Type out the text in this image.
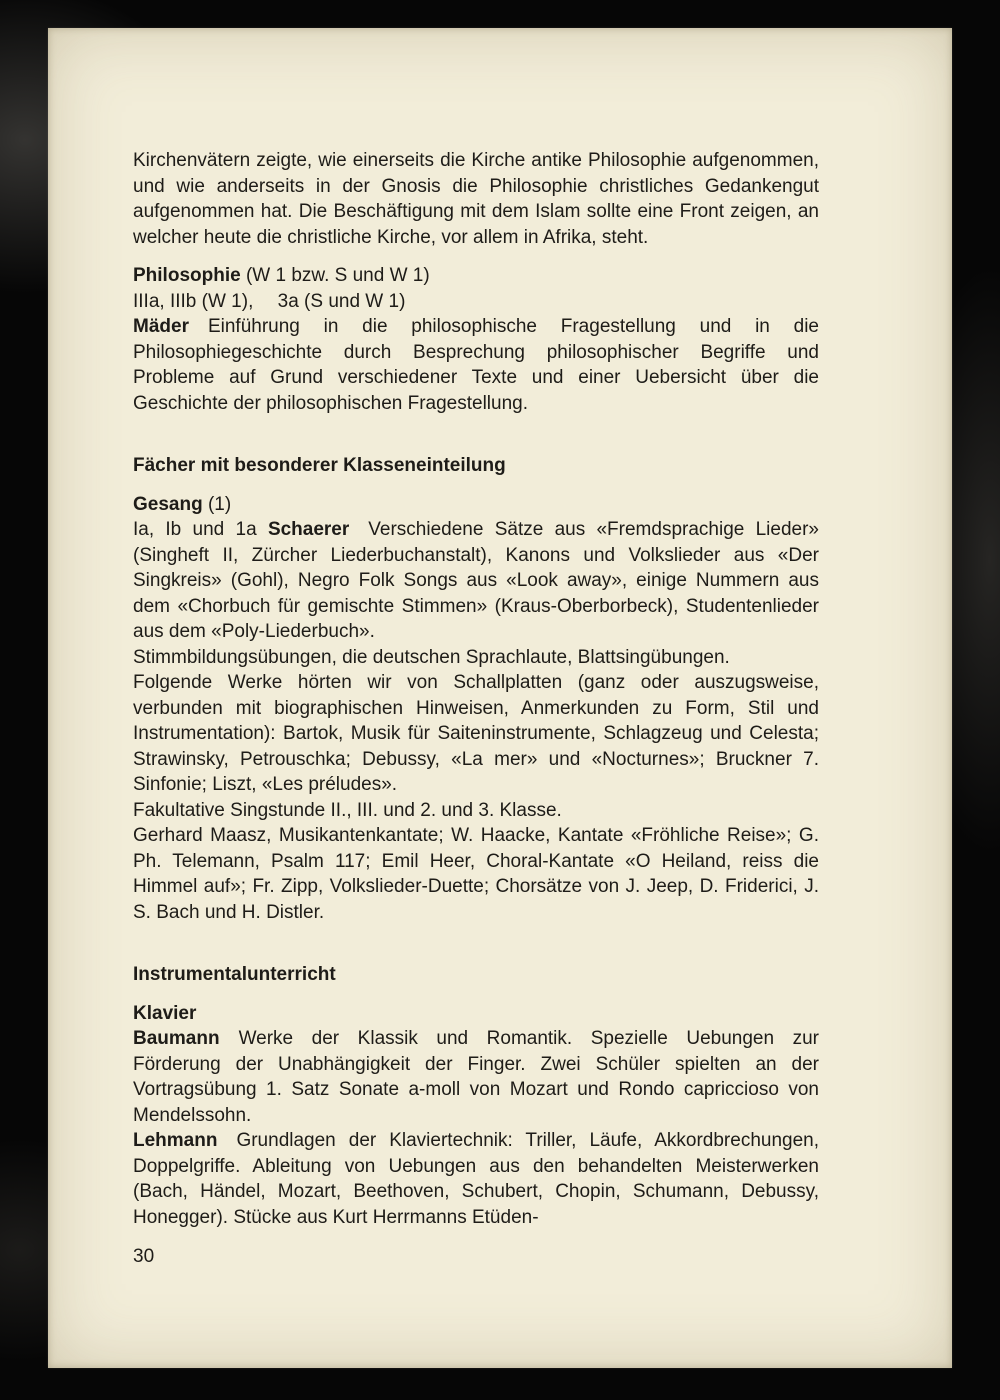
Kirchenvätern zeigte, wie einerseits die Kirche antike Philosophie aufgenommen, und wie anderseits in der Gnosis die Philosophie christliches Gedankengut aufgenommen hat. Die Beschäftigung mit dem Islam sollte eine Front zeigen, an welcher heute die christliche Kirche, vor allem in Afrika, steht.
Philosophie (W 1 bzw. S und W 1)
IIIa, IIIb (W 1),  3a (S und W 1)
Mäder Einführung in die philosophische Fragestellung und in die Philosophiegeschichte durch Besprechung philosophischer Begriffe und Probleme auf Grund verschiedener Texte und einer Uebersicht über die Geschichte der philosophischen Fragestellung.
Fächer mit besonderer Klasseneinteilung
Gesang (1)
Ia, Ib und 1a Schaerer Verschiedene Sätze aus «Fremdsprachige Lieder» (Singheft II, Zürcher Liederbuchanstalt), Kanons und Volkslieder aus «Der Singkreis» (Gohl), Negro Folk Songs aus «Look away», einige Nummern aus dem «Chorbuch für gemischte Stimmen» (Kraus-Oberborbeck), Studentenlieder aus dem «Poly-Liederbuch».
Stimmbildungsübungen, die deutschen Sprachlaute, Blattsingübungen.
Folgende Werke hörten wir von Schallplatten (ganz oder auszugsweise, verbunden mit biographischen Hinweisen, Anmerkunden zu Form, Stil und Instrumentation): Bartok, Musik für Saiteninstrumente, Schlagzeug und Celesta; Strawinsky, Petrouschka; Debussy, «La mer» und «Nocturnes»; Bruckner 7. Sinfonie; Liszt, «Les préludes».
Fakultative Singstunde II., III. und 2. und 3. Klasse.
Gerhard Maasz, Musikantenkantate; W. Haacke, Kantate «Fröhliche Reise»; G. Ph. Telemann, Psalm 117; Emil Heer, Choral-Kantate «O Heiland, reiss die Himmel auf»; Fr. Zipp, Volkslieder-Duette; Chorsätze von J. Jeep, D. Friderici, J. S. Bach und H. Distler.
Instrumentalunterricht
Klavier
Baumann Werke der Klassik und Romantik. Spezielle Uebungen zur Förderung der Unabhängigkeit der Finger. Zwei Schüler spielten an der Vortragsübung 1. Satz Sonate a-moll von Mozart und Rondo capriccioso von Mendelssohn.
Lehmann Grundlagen der Klaviertechnik: Triller, Läufe, Akkordbrechungen, Doppelgriffe. Ableitung von Uebungen aus den behandelten Meisterwerken (Bach, Händel, Mozart, Beethoven, Schubert, Chopin, Schumann, Debussy, Honegger). Stücke aus Kurt Herrmanns Etüden-
30
